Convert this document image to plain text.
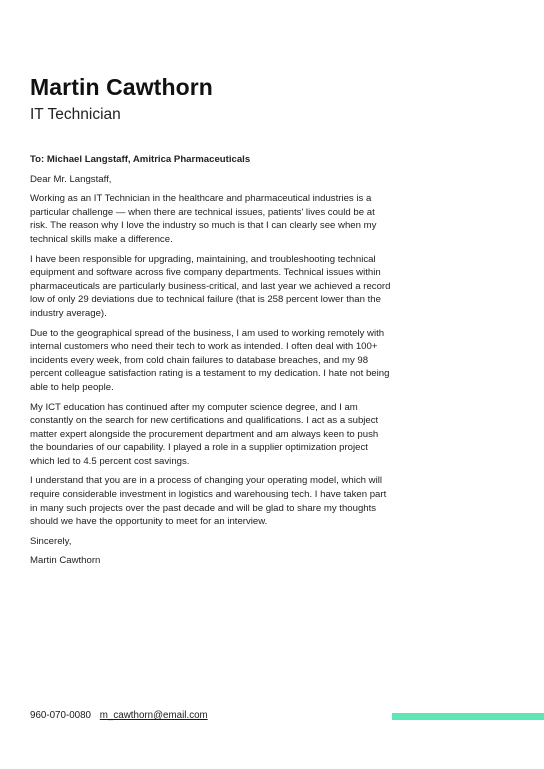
Martin Cawthorn
IT Technician

To: Michael Langstaff, Amitrica Pharmaceuticals

Dear Mr. Langstaff,

Working as an IT Technician in the healthcare and pharmaceutical industries is a particular challenge — when there are technical issues, patients' lives could be at risk. The reason why I love the industry so much is that I can clearly see when my technical skills make a difference.

I have been responsible for upgrading, maintaining, and troubleshooting technical equipment and software across five company departments. Technical issues within pharmaceuticals are particularly business-critical, and last year we achieved a record low of only 29 deviations due to technical failure (that is 258 percent lower than the industry average).

Due to the geographical spread of the business, I am used to working remotely with internal customers who need their tech to work as intended. I often deal with 100+ incidents every week, from cold chain failures to database breaches, and my 98 percent colleague satisfaction rating is a testament to my dedication. I hate not being able to help people.

My ICT education has continued after my computer science degree, and I am constantly on the search for new certifications and qualifications. I act as a subject matter expert alongside the procurement department and am always keen to push the boundaries of our capability. I played a role in a supplier optimization project which led to 4.5 percent cost savings.

I understand that you are in a process of changing your operating model, which will require considerable investment in logistics and warehousing tech. I have taken part in many such projects over the past decade and will be glad to share my thoughts should we have the opportunity to meet for an interview.

Sincerely,

Martin Cawthorn

960-070-0080 m_cawthorn@email.com
